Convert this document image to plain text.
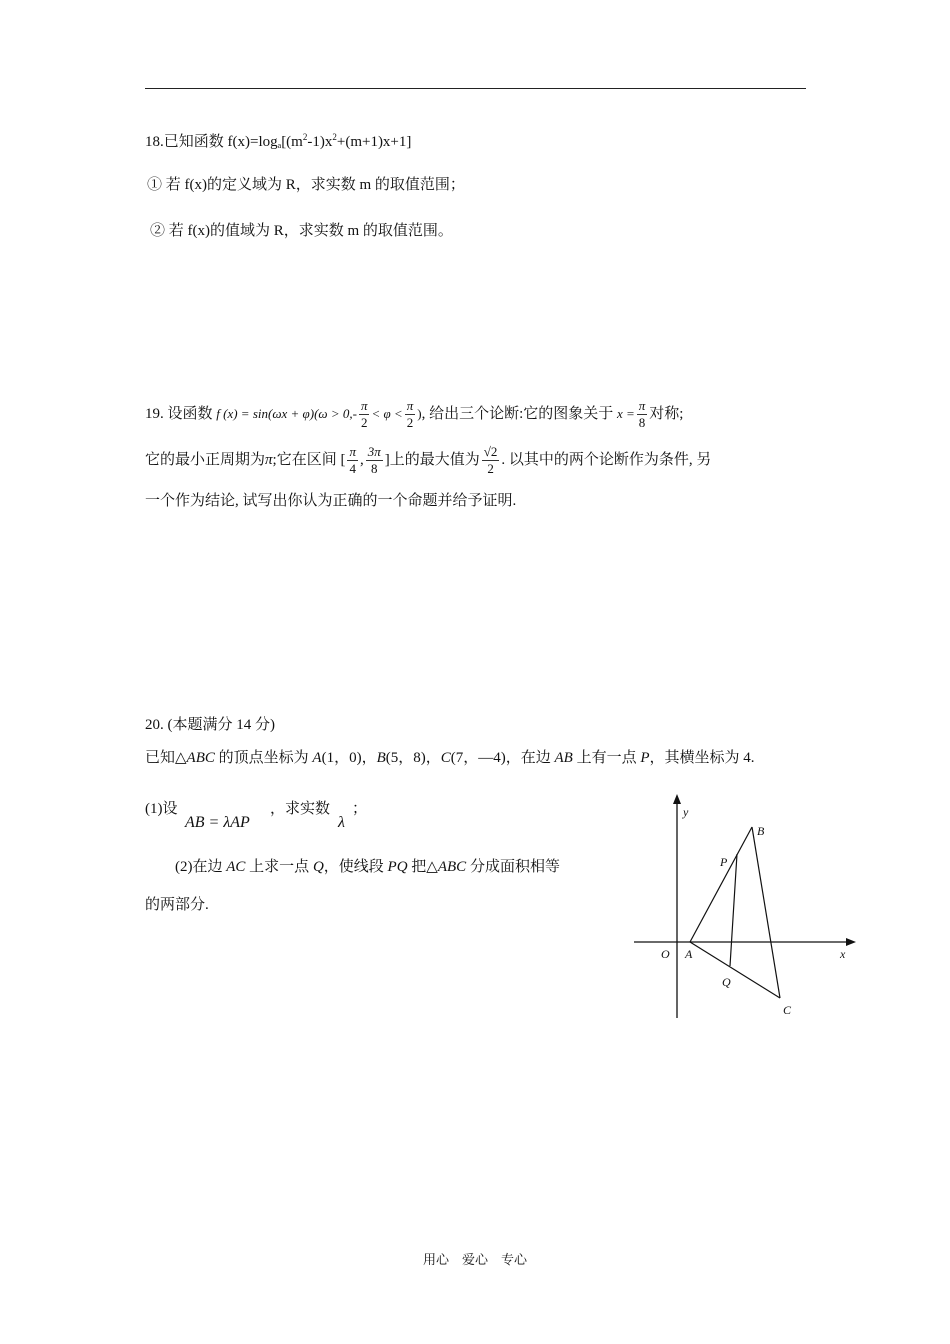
18.已知函数 $f(x)=\log_a[(m^2-1)x^2+(m+1)x+1]$
① 若 f(x)的定义域为 R，求实数 m 的取值范围；
② 若 f(x)的值域为 R，求实数 m 的取值范围。
19. 设函数 f $(x) = \sin(\omega x + \varphi)(\omega > 0,- \frac{\pi}{2} < \varphi < \frac{\pi}{2}$ ), 给出三个论断:它的图象关于 $x = \frac{\pi}{8}$ 对称;
它的最小正周期为π;它在区间 [ $\frac{\pi}{4}$ , $\frac{3\pi}{8}$ ]上的最大值为 $\frac{√2}{2}$ . 以其中的两个论断作为条件, 另
一个作为结论, 试写出你认为正确的一个命题并给予证明.
20. (本题满分 14 分)
已知△ABC 的顶点坐标为 A(1，0)，B(5，8)，C(7，—4)，在边 AB 上有一点 P，其横坐标为 4.
(1)设
AB = λAP
，求实数
λ
；
(2)在边 AC 上求一点 Q，使线段 PQ 把△ABC 分成面积相等
的两部分.
y
x
O A
B
P
Q
C
用心　爱心　专心
